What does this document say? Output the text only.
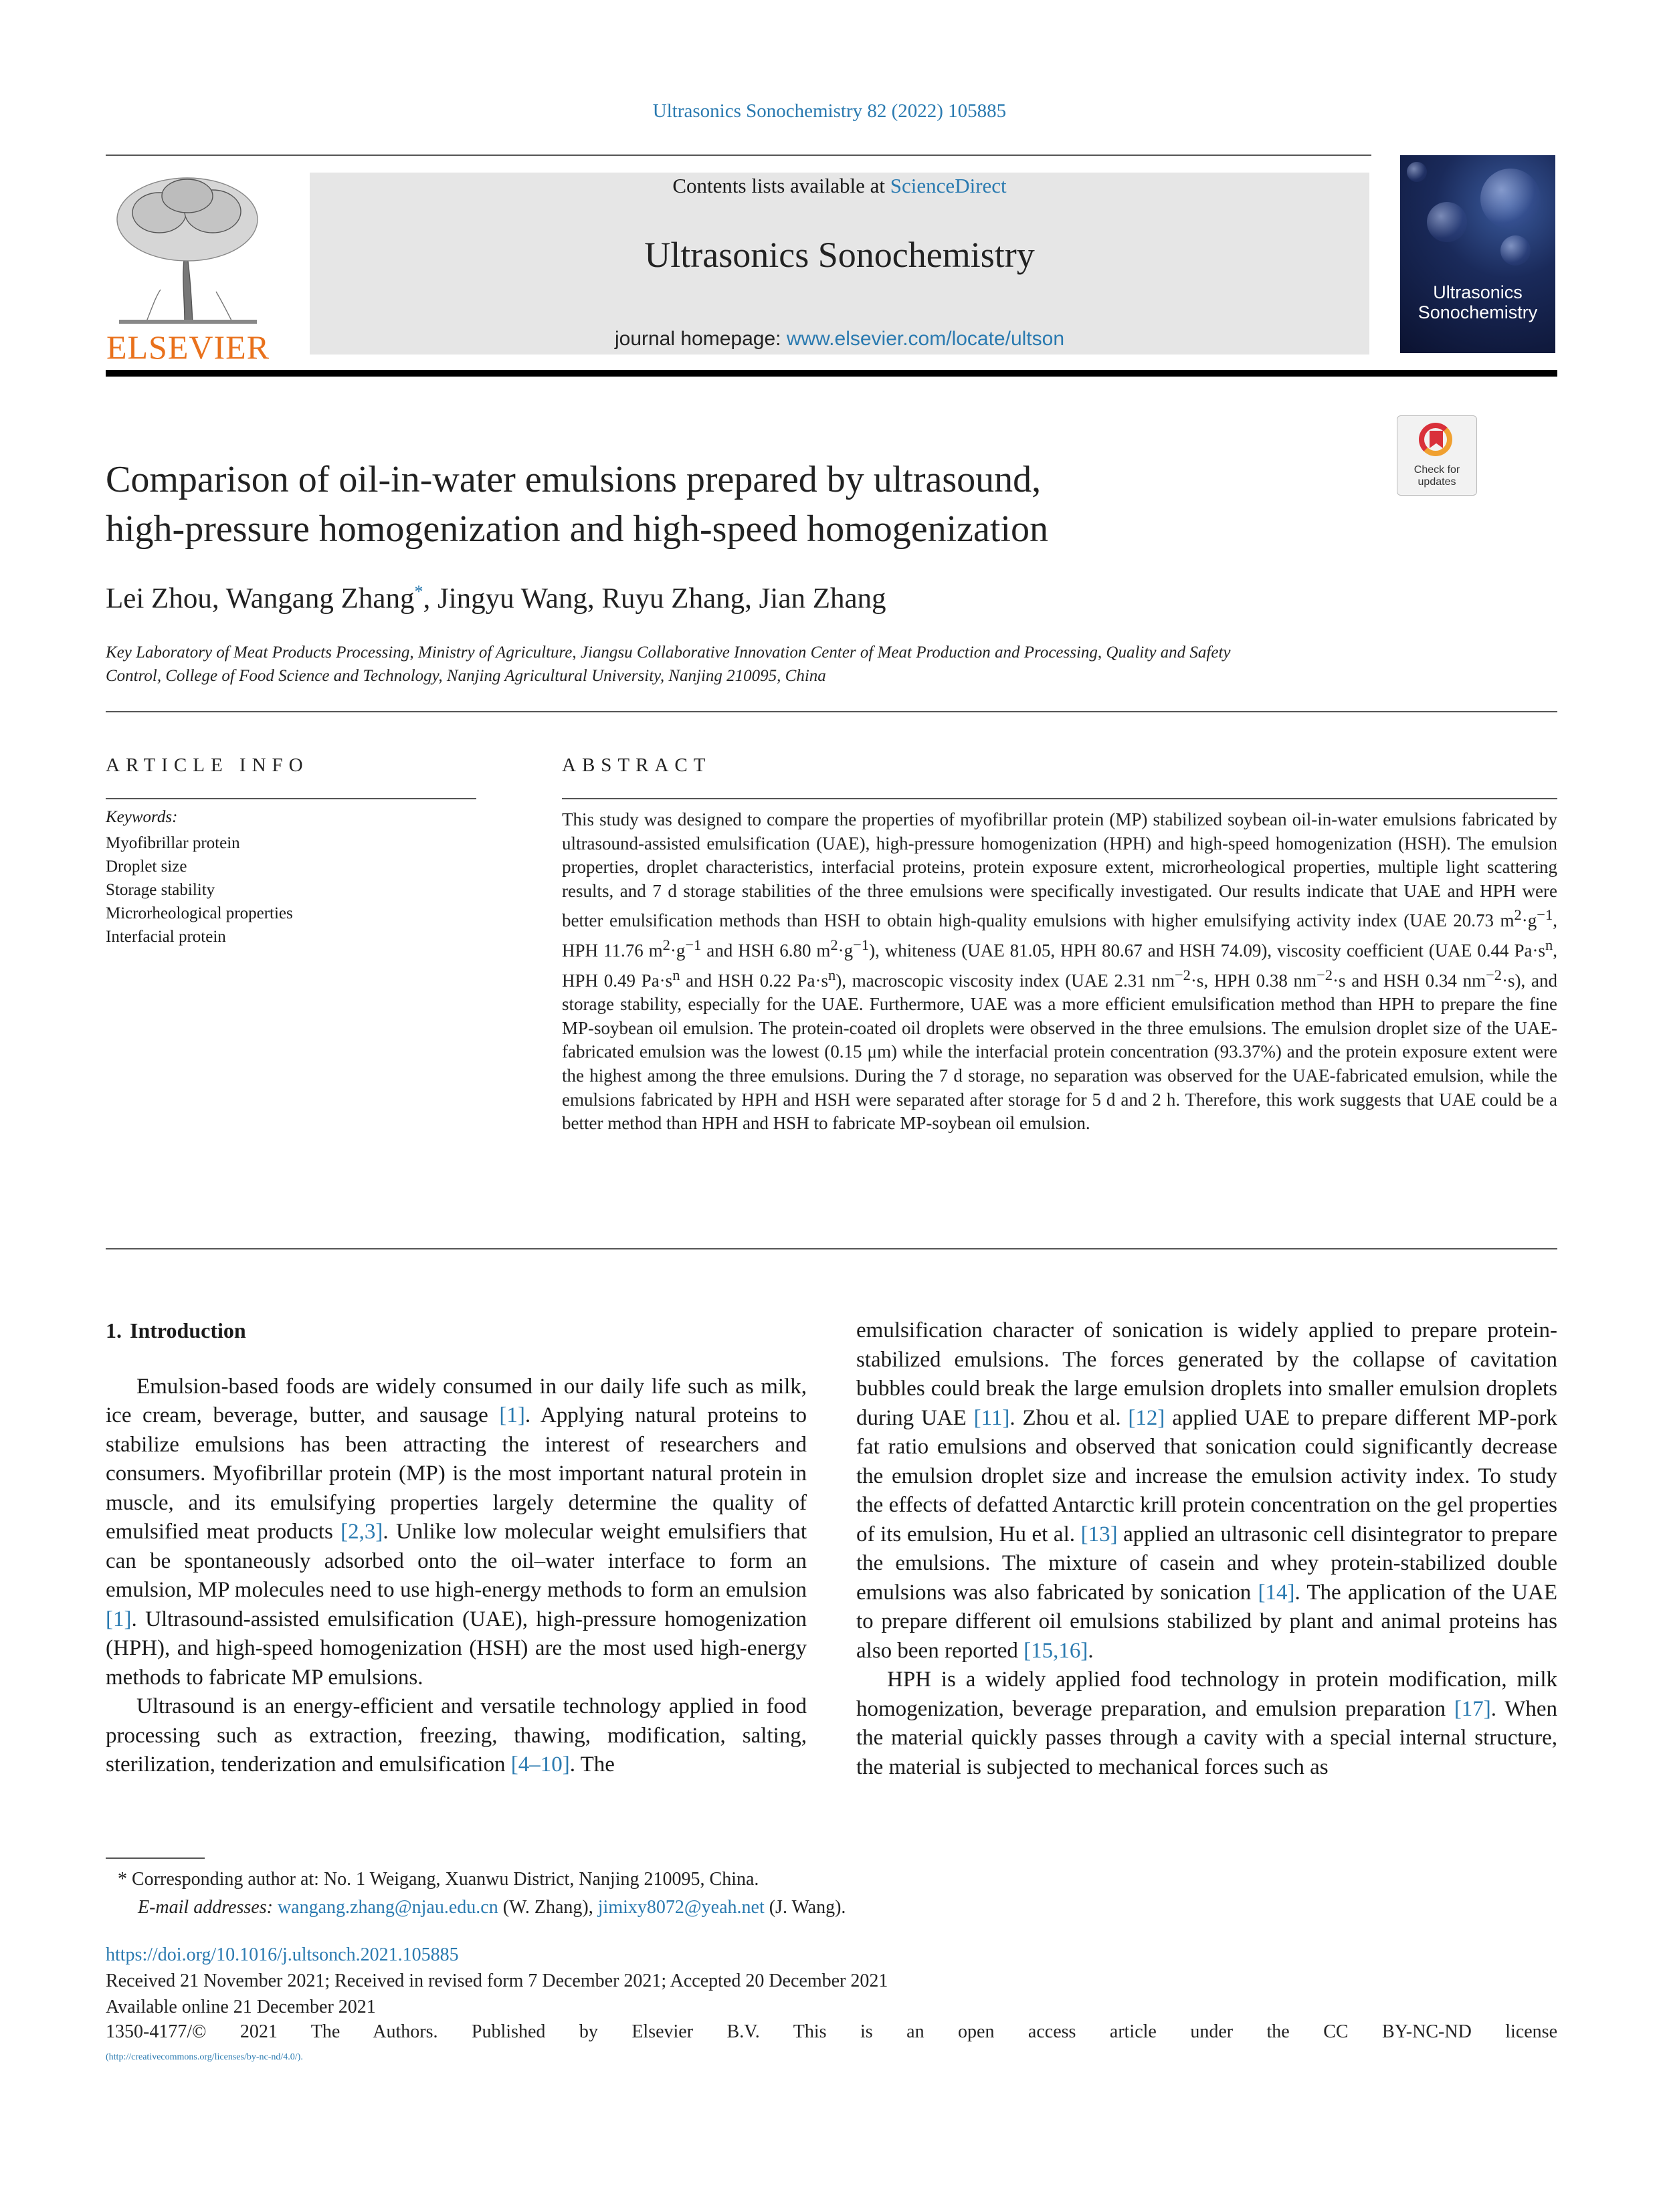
Ultrasonics Sonochemistry 82 (2022) 105885
ELSEVIER
Contents lists available at ScienceDirect
Ultrasonics Sonochemistry
journal homepage: www.elsevier.com/locate/ultson
Ultrasonics
Sonochemistry
Check for
updates
Comparison of oil-in-water emulsions prepared by ultrasound,
high-pressure homogenization and high-speed homogenization
Lei Zhou, Wangang Zhang*, Jingyu Wang, Ruyu Zhang, Jian Zhang
Key Laboratory of Meat Products Processing, Ministry of Agriculture, Jiangsu Collaborative Innovation Center of Meat Production and Processing, Quality and Safety
Control, College of Food Science and Technology, Nanjing Agricultural University, Nanjing 210095, China
ARTICLE INFO	ABSTRACT
Keywords:
Myofibrillar protein
Droplet size
Storage stability
Microrheological properties
Interfacial protein
This study was designed to compare the properties of myofibrillar protein (MP) stabilized soybean oil-in-water emulsions fabricated by ultrasound-assisted emulsification (UAE), high-pressure homogenization (HPH) and high-speed homogenization (HSH). The emulsion properties, droplet characteristics, interfacial proteins, protein exposure extent, microrheological properties, multiple light scattering results, and 7 d storage stabilities of the three emulsions were specifically investigated. Our results indicate that UAE and HPH were better emulsification methods than HSH to obtain high-quality emulsions with higher emulsifying activity index (UAE 20.73 $m^2\cdot g^{-1}$, HPH 11.76 $m^2\cdot g^{-1}$ and HSH 6.80 $m^2\cdot g^{-1}$), whiteness (UAE 81.05, HPH 80.67 and HSH 74.09), viscosity coefficient (UAE 0.44 $Pa\cdot s^n$, HPH 0.49 $Pa\cdot s^n$ and HSH 0.22 $Pa\cdot s^n$), macroscopic viscosity index (UAE 2.31 $nm^{-2}\cdot s$, HPH 0.38 $nm^{-2}\cdot s$ and HSH 0.34 $nm^{-2}\cdot s$), and storage stability, especially for the UAE. Furthermore, UAE was a more efficient emulsification method than HPH to prepare the fine MP-soybean oil emulsion. The protein-coated oil droplets were observed in the three emulsions. The emulsion droplet size of the UAE-fabricated emulsion was the lowest (0.15 μm) while the interfacial protein concentration (93.37%) and the protein exposure extent were the highest among the three emulsions. During the 7 d storage, no separation was observed for the UAE-fabricated emulsion, while the emulsions fabricated by HPH and HSH were separated after storage for 5 d and 2 h. Therefore, this work suggests that UAE could be a better method than HPH and HSH to fabricate MP-soybean oil emulsion.
1. Introduction

Emulsion-based foods are widely consumed in our daily life such as milk, ice cream, beverage, butter, and sausage [1]. Applying natural proteins to stabilize emulsions has been attracting the interest of researchers and consumers. Myofibrillar protein (MP) is the most important natural protein in muscle, and its emulsifying properties largely determine the quality of emulsified meat products [2,3]. Unlike low molecular weight emulsifiers that can be spontaneously adsorbed onto the oil–water interface to form an emulsion, MP molecules need to use high-energy methods to form an emulsion [1]. Ultrasound-assisted emulsification (UAE), high-pressure homogenization (HPH), and high-speed homogenization (HSH) are the most used high-energy methods to fabricate MP emulsions.

Ultrasound is an energy-efficient and versatile technology applied in food processing such as extraction, freezing, thawing, modification, salting, sterilization, tenderization and emulsification [4–10]. The

emulsification character of sonication is widely applied to prepare protein-stabilized emulsions. The forces generated by the collapse of cavitation bubbles could break the large emulsion droplets into smaller emulsion droplets during UAE [11]. Zhou et al. [12] applied UAE to prepare different MP-pork fat ratio emulsions and observed that sonication could significantly decrease the emulsion droplet size and increase the emulsion activity index. To study the effects of defatted Antarctic krill protein concentration on the gel properties of its emulsion, Hu et al. [13] applied an ultrasonic cell disintegrator to prepare the emulsions. The mixture of casein and whey protein-stabilized double emulsions was also fabricated by sonication [14]. The application of the UAE to prepare different oil emulsions stabilized by plant and animal proteins has also been reported [15,16].

HPH is a widely applied food technology in protein modification, milk homogenization, beverage preparation, and emulsion preparation [17]. When the material quickly passes through a cavity with a special internal structure, the material is subjected to mechanical forces such as

* Corresponding author at: No. 1 Weigang, Xuanwu District, Nanjing 210095, China.
E-mail addresses: wangang.zhang@njau.edu.cn (W. Zhang), jimixy8072@yeah.net (J. Wang).
https://doi.org/10.1016/j.ultsonch.2021.105885
Received 21 November 2021; Received in revised form 7 December 2021; Accepted 20 December 2021
Available online 21 December 2021
1350-4177/© 2021 The Authors. Published by Elsevier B.V. This is an open access article under the CC BY-NC-ND license
(http://creativecommons.org/licenses/by-nc-nd/4.0/).
